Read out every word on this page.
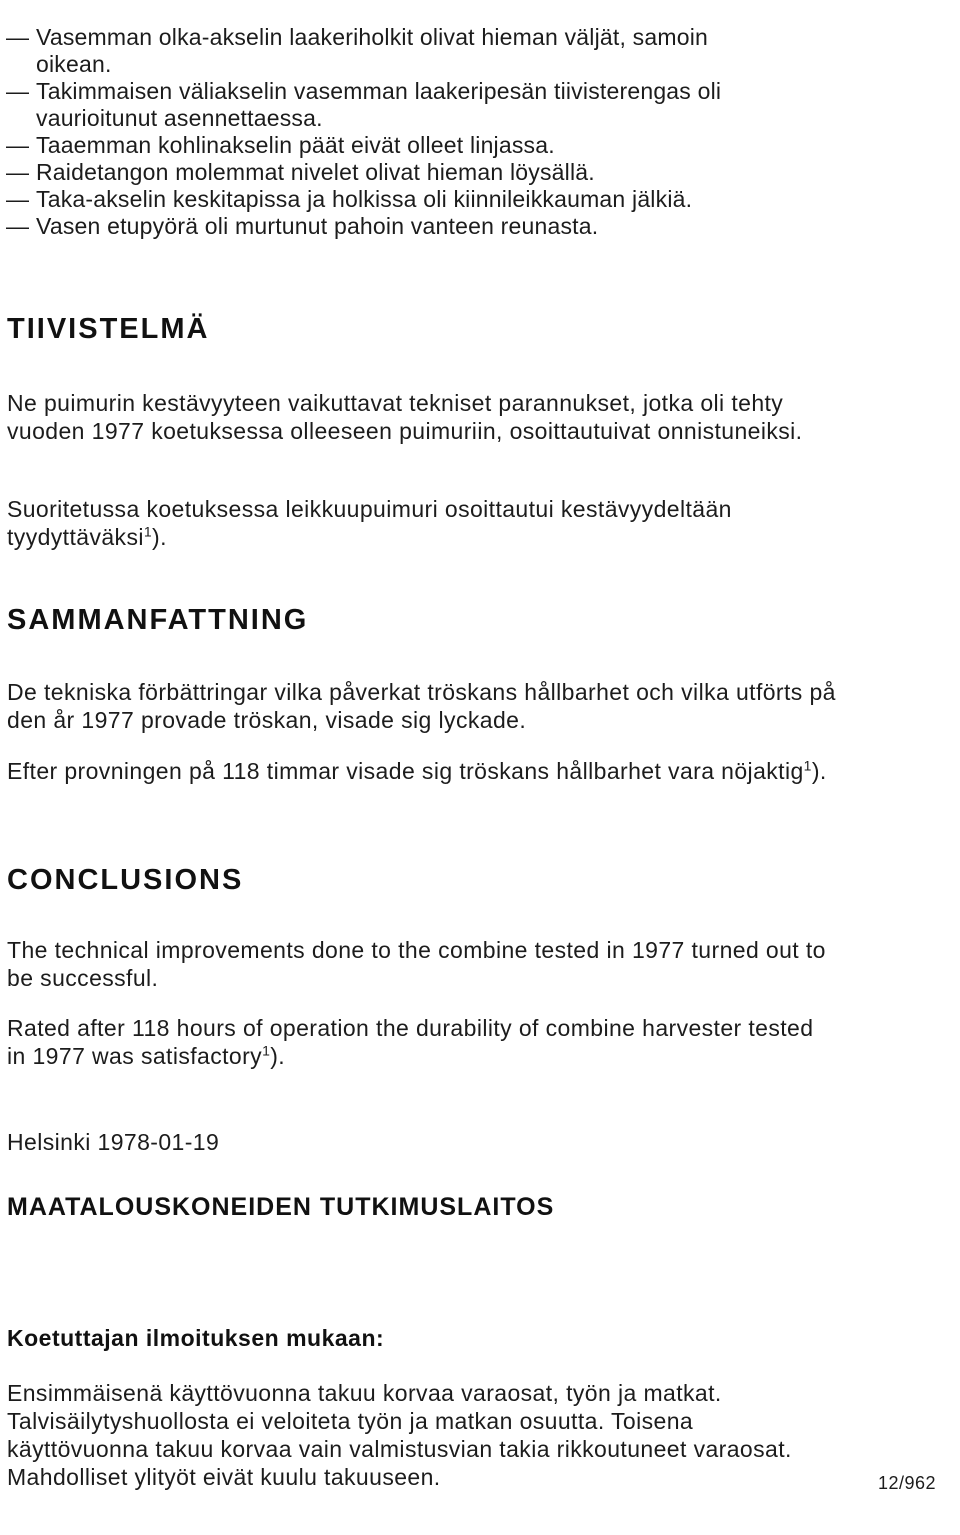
— Vasemman olka-akselin laakeriholkit olivat hieman väljät, samoin
oikean.
— Takimmaisen väliakselin vasemman laakeripesän tiivisterengas oli
vaurioitunut asennettaessa.
— Taaemman kohlinakselin päät eivät olleet linjassa.
— Raidetangon molemmat nivelet olivat hieman löysällä.
— Taka-akselin keskitapissa ja holkissa oli kiinnileikkauman jälkiä.
— Vasen etupyörä oli murtunut pahoin vanteen reunasta.
TIIVISTELMÄ

Ne puimurin kestävyyteen vaikuttavat tekniset parannukset, jotka oli tehty vuoden 1977 koetuksessa olleeseen puimuriin, osoittautuivat onnistuneiksi.

Suoritetussa koetuksessa leikkuupuimuri osoittautui kestävyydeltään tyydyttäväksi$^1$).

SAMMANFATTNING

De tekniska förbättringar vilka påverkat tröskans hållbarhet och vilka utförts på den år 1977 provade tröskan, visade sig lyckade.

Efter provningen på 118 timmar visade sig tröskans hållbarhet vara nöjaktig$^1$).

CONCLUSIONS

The technical improvements done to the combine tested in 1977 turned out to be successful.

Rated after 118 hours of operation the durability of combine harvester tested in 1977 was satisfactory$^1$).

Helsinki 1978-01-19

MAATALOUSKONEIDEN TUTKIMUSLAITOS

Koetuttajan ilmoituksen mukaan:

Ensimmäisenä käyttövuonna takuu korvaa varaosat, työn ja matkat. Talvisäilytyshuollosta ei veloiteta työn ja matkan osuutta. Toisena käyttövuonna takuu korvaa vain valmistusvian takia rikkoutuneet varaosat. Mahdolliset ylityöt eivät kuulu takuuseen.	12/962
